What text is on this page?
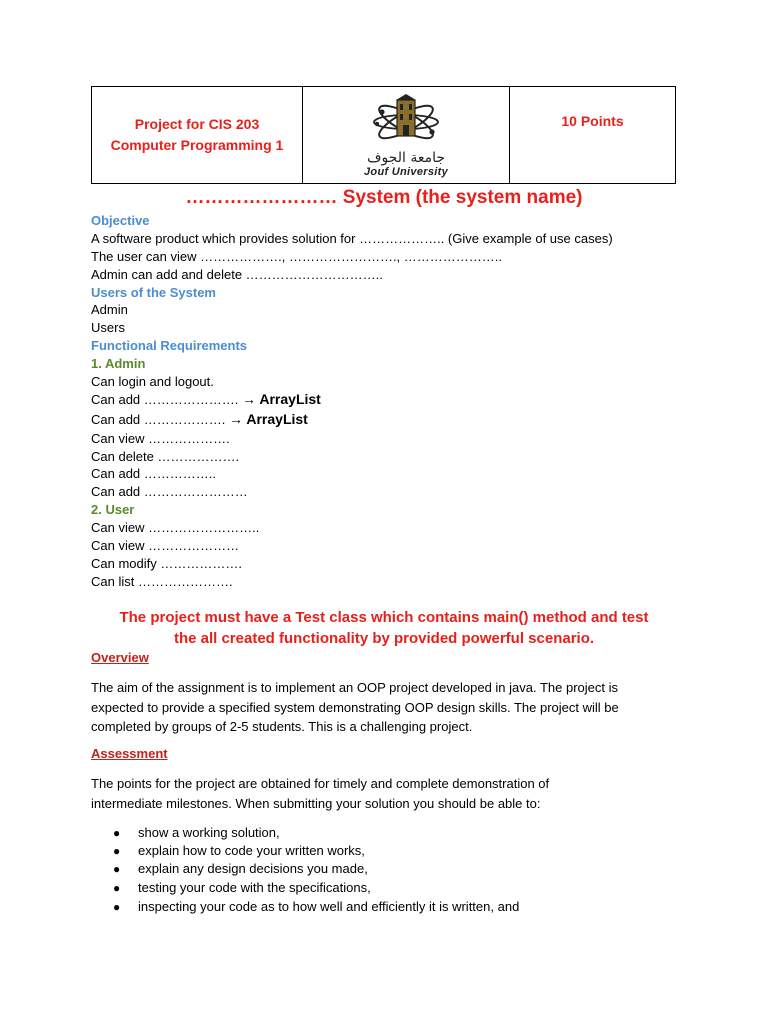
Project for CIS 203
Computer Programming 1

جامعة الجوف
Jouf University
	10 Points
…………………… System (the system name)
Objective
A software product which provides solution for ……………….. (Give example of use cases)
The user can view ………………., ……………………., …………………..
Admin can add and delete …………………………..
Users of the System
Admin
Users
Functional Requirements
1. Admin
Can login and logout.
Can add …………………. → ArrayList
Can add ………………. → ArrayList
Can view ……………….
Can delete ……………….
Can add ……………..
Can add ……………………
2. User
Can view ……………………..
Can view …………………
Can modify ……………….
Can list ………………….
The project must have a Test class which contains main() method and test
the all created functionality by provided powerful scenario.
Overview
The aim of the assignment is to implement an OOP project developed in java. The project is
expected to provide a specified system demonstrating OOP design skills. The project will be
completed by groups of 2-5 students. This is a challenging project.
Assessment
The points for the project are obtained for timely and complete demonstration of
intermediate milestones. When submitting your solution you should be able to:
● show a working solution,
● explain how to code your written works,
● explain any design decisions you made,
● testing your code with the specifications,
● inspecting your code as to how well and efficiently it is written, and
